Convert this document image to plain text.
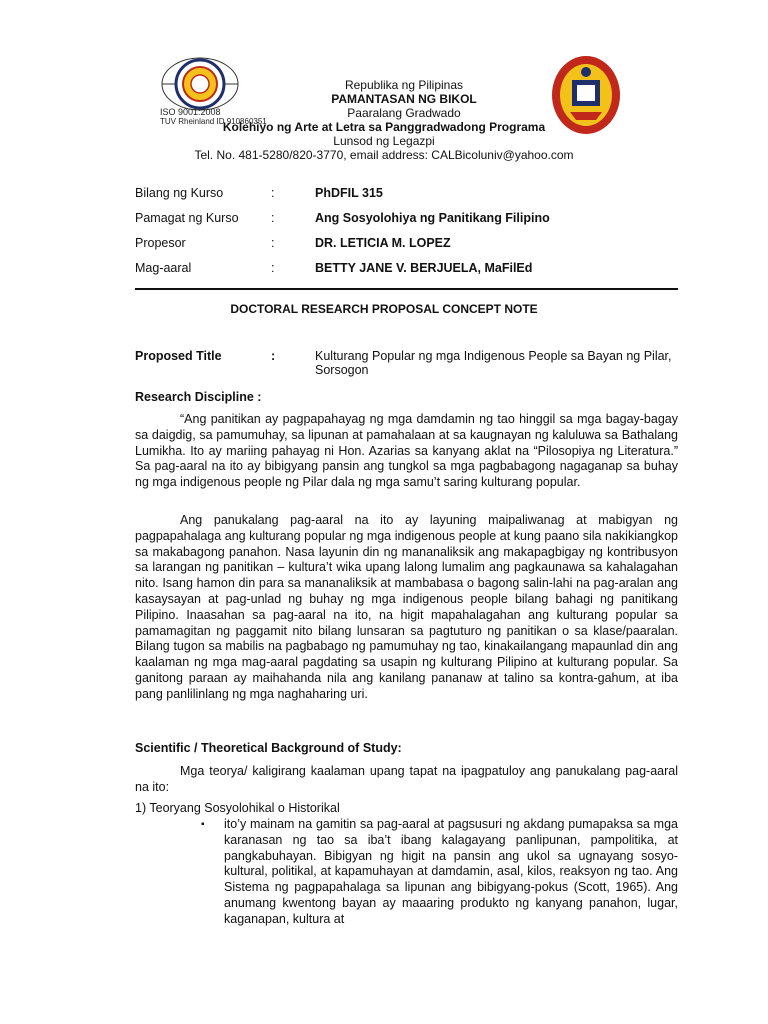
ISO 9001:2008
TUV Rheinland ID 910860351
Republika ng Pilipinas
PAMANTASAN NG BIKOL
Paaralang Gradwado
Kolehiyo ng Arte at Letra sa Panggradwadong Programa
Lunsod ng Legazpi
Tel. No. 481-5280/820-3770, email address: CALBicoluniv@yahoo.com
Bilang ng Kurso	:	PhDFIL 315
Pamagat ng Kurso	:	Ang Sosyolohiya ng Panitikang Filipino
Propesor	:	DR. LETICIA M. LOPEZ
Mag-aaral	:	BETTY JANE V. BERJUELA, MaFilEd
DOCTORAL RESEARCH PROPOSAL CONCEPT NOTE
Proposed Title	:	Kulturang Popular ng mga Indigenous People sa Bayan ng Pilar, Sorsogon
Research Discipline :

“Ang panitikan ay pagpapahayag ng mga damdamin ng tao hinggil sa mga bagay-bagay sa daigdig, sa pamumuhay, sa lipunan at pamahalaan at sa kaugnayan ng kaluluwa sa Bathalang Lumikha. Ito ay mariing pahayag ni Hon. Azarias sa kanyang aklat na “Pilosopiya ng Literatura.” Sa pag-aaral na ito ay bibigyang pansin ang tungkol sa mga pagbabagong nagaganap sa buhay ng mga indigenous people ng Pilar dala ng mga samu’t saring kulturang popular.

Ang panukalang pag-aaral na ito ay layuning maipaliwanag at mabigyan ng pagpapahalaga ang kulturang popular ng mga indigenous people at kung paano sila nakikiangkop sa makabagong panahon. Nasa layunin din ng mananaliksik ang makapagbigay ng kontribusyon sa larangan ng panitikan – kultura’t wika upang lalong lumalim ang pagkaunawa sa kahalagahan nito. Isang hamon din para sa mananaliksik at mambabasa o bagong salin-lahi na pag-aralan ang kasaysayan at pag-unlad ng buhay ng mga indigenous people bilang bahagi ng panitikang Pilipino. Inaasahan sa pag-aaral na ito, na higit mapahalagahan ang kulturang popular sa pamamagitan ng paggamit nito bilang lunsaran sa pagtuturo ng panitikan o sa klase/paaralan. Bilang tugon sa mabilis na pagbabago ng pamumuhay ng tao, kinakailangang mapaunlad din ang kaalaman ng mga mag-aaral pagdating sa usapin ng kulturang Pilipino at kulturang popular. Sa ganitong paraan ay maihahanda nila ang kanilang pananaw at talino sa kontra-gahum, at iba pang panlilinlang ng mga naghaharing uri.

Scientific / Theoretical Background of Study:

Mga teorya/ kaligirang kaalaman upang tapat na ipagpatuloy ang panukalang pag-aaral na ito:

1) Teoryang Sosyolohikal o Historikal
▪ ito’y mainam na gamitin sa pag-aaral at pagsusuri ng akdang pumapaksa sa mga karanasan ng tao sa iba’t ibang kalagayang panlipunan, pampolitika, at pangkabuhayan. Bibigyan ng higit na pansin ang ukol sa ugnayang sosyo-kultural, politikal, at kapamuhayan at damdamin, asal, kilos, reaksyon ng tao. Ang Sistema ng pagpapahalaga sa lipunan ang bibigyang-pokus (Scott, 1965). Ang anumang kwentong bayan ay maaaring produkto ng kanyang panahon, lugar, kaganapan, kultura at
